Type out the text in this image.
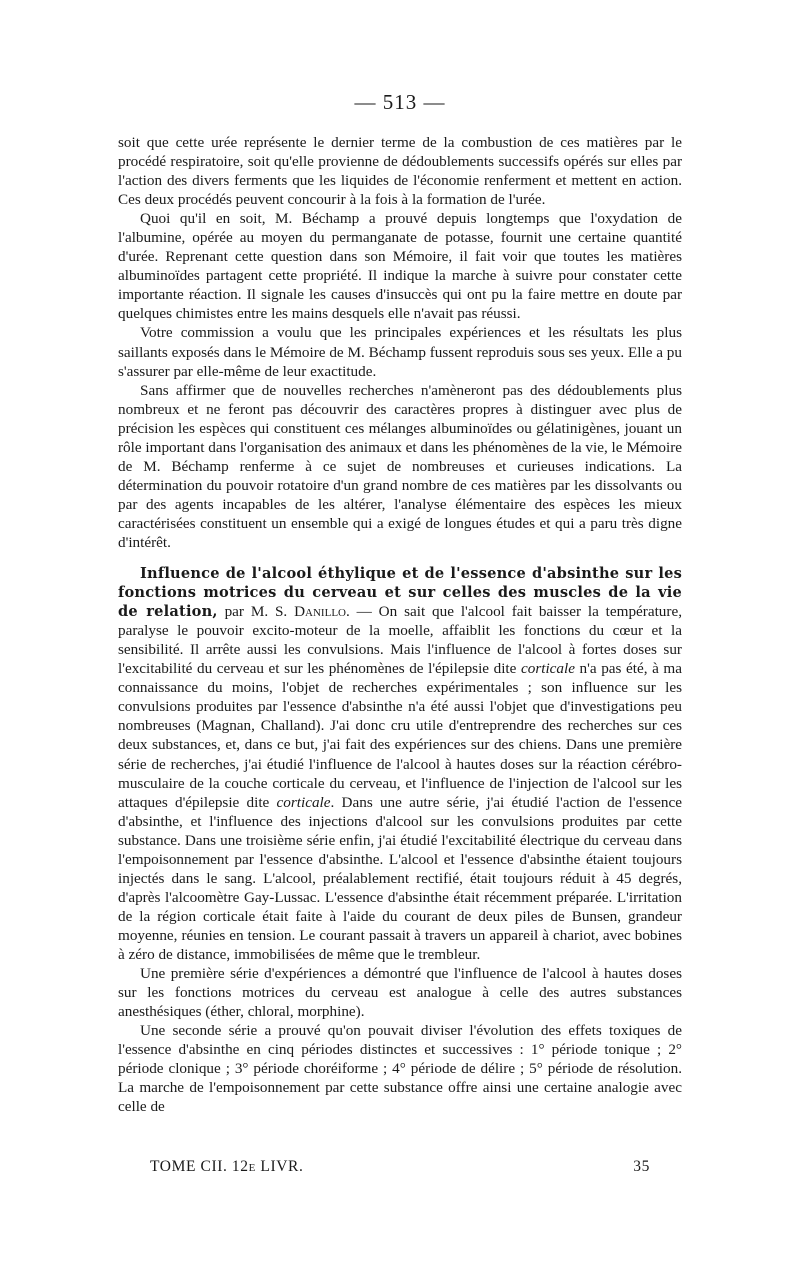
— 513 —

soit que cette urée représente le dernier terme de la combustion de ces matières par le procédé respiratoire, soit qu'elle provienne de dédoublements successifs opérés sur elles par l'action des divers ferments que les liquides de l'économie renferment et mettent en action. Ces deux procédés peuvent concourir à la fois à la formation de l'urée.

Quoi qu'il en soit, M. Béchamp a prouvé depuis longtemps que l'oxydation de l'albumine, opérée au moyen du permanganate de potasse, fournit une certaine quantité d'urée. Reprenant cette question dans son Mémoire, il fait voir que toutes les matières albuminoïdes partagent cette propriété. Il indique la marche à suivre pour constater cette importante réaction. Il signale les causes d'insuccès qui ont pu la faire mettre en doute par quelques chimistes entre les mains desquels elle n'avait pas réussi.

Votre commission a voulu que les principales expériences et les résultats les plus saillants exposés dans le Mémoire de M. Béchamp fussent reproduis sous ses yeux. Elle a pu s'assurer par elle-même de leur exactitude.

Sans affirmer que de nouvelles recherches n'amèneront pas des dédoublements plus nombreux et ne feront pas découvrir des caractères propres à distinguer avec plus de précision les espèces qui constituent ces mélanges albuminoïdes ou gélatinigènes, jouant un rôle important dans l'organisation des animaux et dans les phénomènes de la vie, le Mémoire de M. Béchamp renferme à ce sujet de nombreuses et curieuses indications. La détermination du pouvoir rotatoire d'un grand nombre de ces matières par les dissolvants ou par des agents incapables de les altérer, l'analyse élémentaire des espèces les mieux caractérisées constituent un ensemble qui a exigé de longues études et qui a paru très digne d'intérêt.

Influence de l'alcool éthylique et de l'essence d'absinthe sur les fonctions motrices du cerveau et sur celles des muscles de la vie de relation, par M. S. Danillo. — On sait que l'alcool fait baisser la température, paralyse le pouvoir excito-moteur de la moelle, affaiblit les fonctions du cœur et la sensibilité. Il arrête aussi les convulsions. Mais l'influence de l'alcool à fortes doses sur l'excitabilité du cerveau et sur les phénomènes de l'épilepsie dite corticale n'a pas été, à ma connaissance du moins, l'objet de recherches expérimentales ; son influence sur les convulsions produites par l'essence d'absinthe n'a été aussi l'objet que d'investigations peu nombreuses (Magnan, Challand). J'ai donc cru utile d'entreprendre des recherches sur ces deux substances, et, dans ce but, j'ai fait des expériences sur des chiens. Dans une première série de recherches, j'ai étudié l'influence de l'alcool à hautes doses sur la réaction cérébro-musculaire de la couche corticale du cerveau, et l'influence de l'injection de l'alcool sur les attaques d'épilepsie dite corticale. Dans une autre série, j'ai étudié l'action de l'essence d'absinthe, et l'influence des injections d'alcool sur les convulsions produites par cette substance. Dans une troisième série enfin, j'ai étudié l'excitabilité électrique du cerveau dans l'empoisonnement par l'essence d'absinthe. L'alcool et l'essence d'absinthe étaient toujours injectés dans le sang. L'alcool, préalablement rectifié, était toujours réduit à 45 degrés, d'après l'alcoomètre Gay-Lussac. L'essence d'absinthe était récemment préparée. L'irritation de la région corticale était faite à l'aide du courant de deux piles de Bunsen, grandeur moyenne, réunies en tension. Le courant passait à travers un appareil à chariot, avec bobines à zéro de distance, immobilisées de même que le trembleur.

Une première série d'expériences a démontré que l'influence de l'alcool à hautes doses sur les fonctions motrices du cerveau est analogue à celle des autres substances anesthésiques (éther, chloral, morphine).

Une seconde série a prouvé qu'on pouvait diviser l'évolution des effets toxiques de l'essence d'absinthe en cinq périodes distinctes et successives : 1° période tonique ; 2° période clonique ; 3° période choréiforme ; 4° période de délire ; 5° période de résolution. La marche de l'empoisonnement par cette substance offre ainsi une certaine analogie avec celle de

TOME CII. 12e LIVR.	35
